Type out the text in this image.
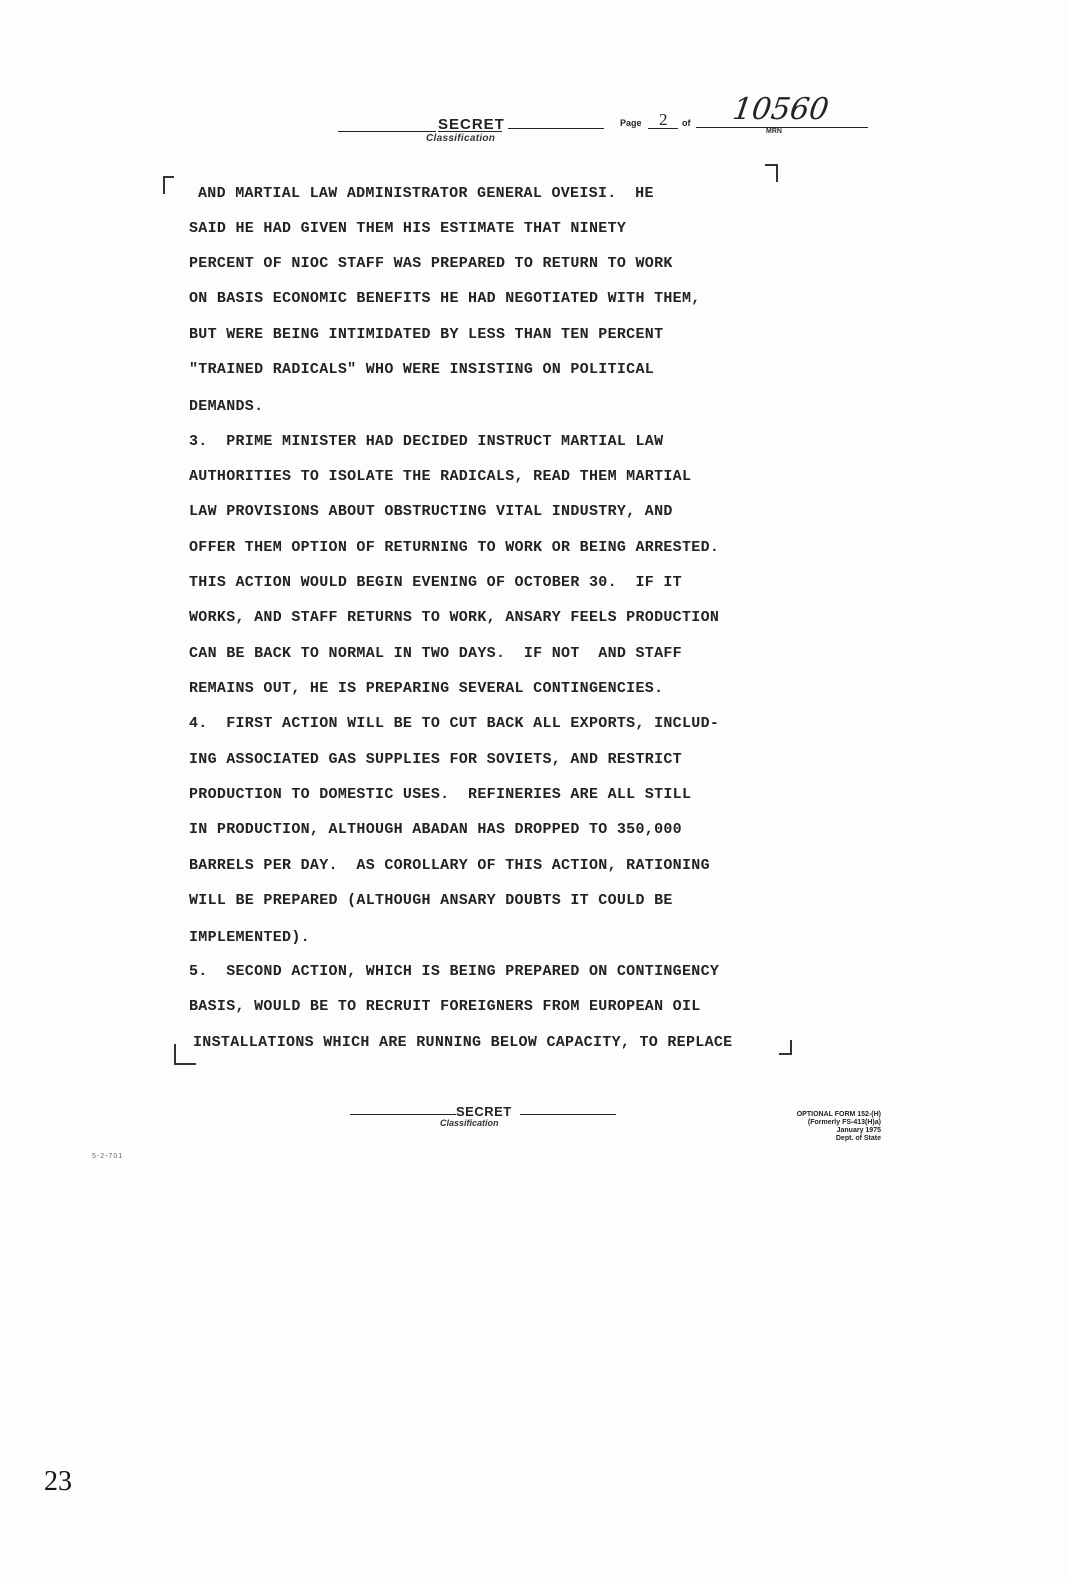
SECRET
Classification
Page 2 of 10560
MRN
AND MARTIAL LAW ADMINISTRATOR GENERAL OVEISI.  HE
SAID HE HAD GIVEN THEM HIS ESTIMATE THAT NINETY
PERCENT OF NIOC STAFF WAS PREPARED TO RETURN TO WORK
ON BASIS ECONOMIC BENEFITS HE HAD NEGOTIATED WITH THEM,
BUT WERE BEING INTIMIDATED BY LESS THAN TEN PERCENT
"TRAINED RADICALS" WHO WERE INSISTING ON POLITICAL
DEMANDS.
3.  PRIME MINISTER HAD DECIDED INSTRUCT MARTIAL LAW
AUTHORITIES TO ISOLATE THE RADICALS, READ THEM MARTIAL
LAW PROVISIONS ABOUT OBSTRUCTING VITAL INDUSTRY, AND
OFFER THEM OPTION OF RETURNING TO WORK OR BEING ARRESTED.
THIS ACTION WOULD BEGIN EVENING OF OCTOBER 30.  IF IT
WORKS, AND STAFF RETURNS TO WORK, ANSARY FEELS PRODUCTION
CAN BE BACK TO NORMAL IN TWO DAYS.  IF NOT  AND STAFF
REMAINS OUT, HE IS PREPARING SEVERAL CONTINGENCIES.
4.  FIRST ACTION WILL BE TO CUT BACK ALL EXPORTS, INCLUD-
ING ASSOCIATED GAS SUPPLIES FOR SOVIETS, AND RESTRICT
PRODUCTION TO DOMESTIC USES.  REFINERIES ARE ALL STILL
IN PRODUCTION, ALTHOUGH ABADAN HAS DROPPED TO 350,000
BARRELS PER DAY.  AS COROLLARY OF THIS ACTION, RATIONING
WILL BE PREPARED (ALTHOUGH ANSARY DOUBTS IT COULD BE
IMPLEMENTED).
5.  SECOND ACTION, WHICH IS BEING PREPARED ON CONTINGENCY
BASIS, WOULD BE TO RECRUIT FOREIGNERS FROM EUROPEAN OIL
INSTALLATIONS WHICH ARE RUNNING BELOW CAPACITY, TO REPLACE
SECRET
Classification
OPTIONAL FORM 152-(H)
(Formerly FS-413(H)a)
January 1975
Dept. of State
5-2-701
23
